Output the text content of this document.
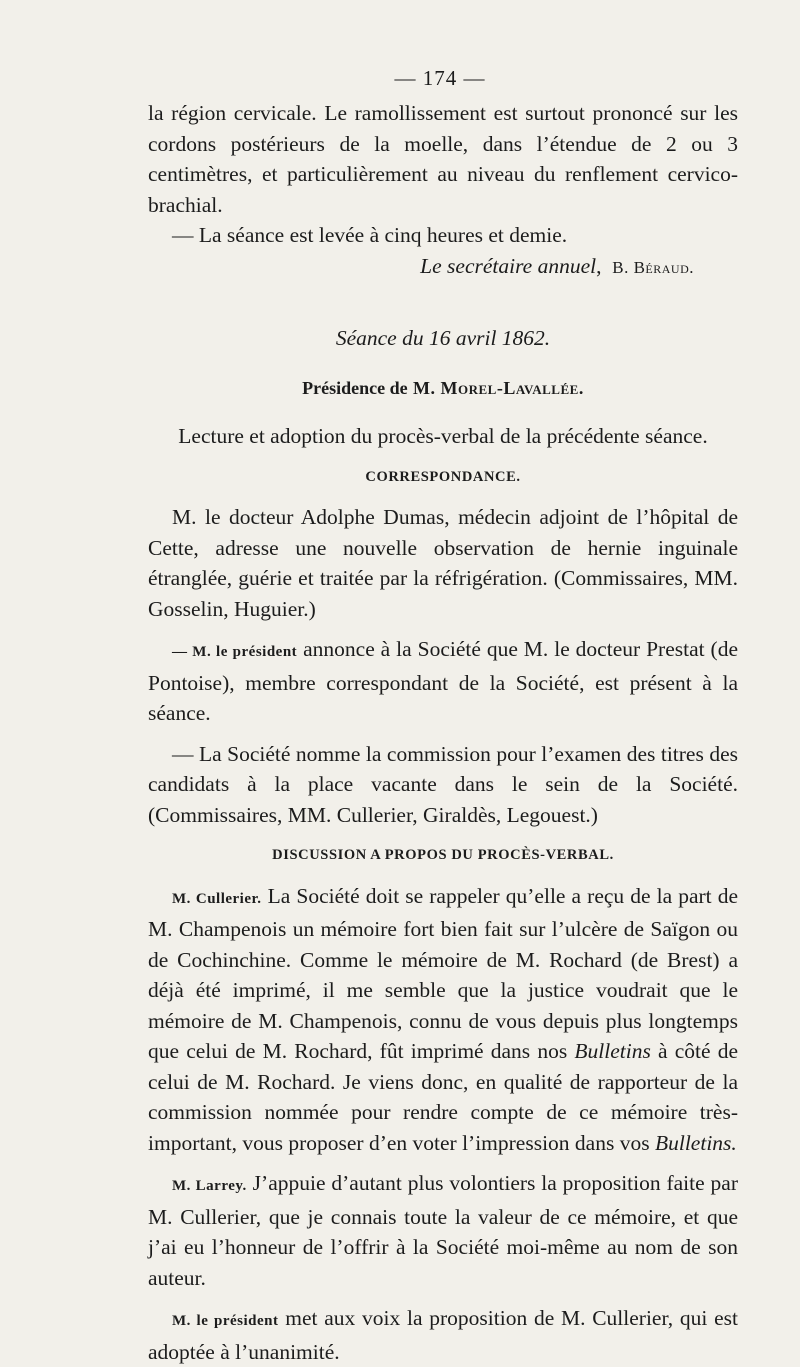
— 174 —

la région cervicale. Le ramollissement est surtout prononcé sur les cordons postérieurs de la moelle, dans l’étendue de 2 ou 3 centimètres, et particulièrement au niveau du renflement cervico-brachial.

— La séance est levée à cinq heures et demie.

Le secrétaire annuel,  B. Béraud.

Séance du 16 avril 1862.

Présidence de M. Morel-Lavallée.

Lecture et adoption du procès-verbal de la précédente séance.

CORRESPONDANCE.

M. le docteur Adolphe Dumas, médecin adjoint de l’hôpital de Cette, adresse une nouvelle observation de hernie inguinale étranglée, guérie et traitée par la réfrigération. (Commissaires, MM. Gosselin, Huguier.)

— M. le président annonce à la Société que M. le docteur Prestat (de Pontoise), membre correspondant de la Société, est présent à la séance.

— La Société nomme la commission pour l’examen des titres des candidats à la place vacante dans le sein de la Société. (Commissaires, MM. Cullerier, Giraldès, Legouest.)

DISCUSSION A PROPOS DU PROCÈS-VERBAL.

M. Cullerier. La Société doit se rappeler qu’elle a reçu de la part de M. Champenois un mémoire fort bien fait sur l’ulcère de Saïgon ou de Cochinchine. Comme le mémoire de M. Rochard (de Brest) a déjà été imprimé, il me semble que la justice voudrait que le mémoire de M. Champenois, connu de vous depuis plus longtemps que celui de M. Rochard, fût imprimé dans nos Bulletins à côté de celui de M. Rochard. Je viens donc, en qualité de rapporteur de la commission nommée pour rendre compte de ce mémoire très-important, vous proposer d’en voter l’impression dans vos Bulletins.

M. Larrey. J’appuie d’autant plus volontiers la proposition faite par M. Cullerier, que je connais toute la valeur de ce mémoire, et que j’ai eu l’honneur de l’offrir à la Société moi-même au nom de son auteur.

M. le président met aux voix la proposition de M. Cullerier, qui est adoptée à l’unanimité.
